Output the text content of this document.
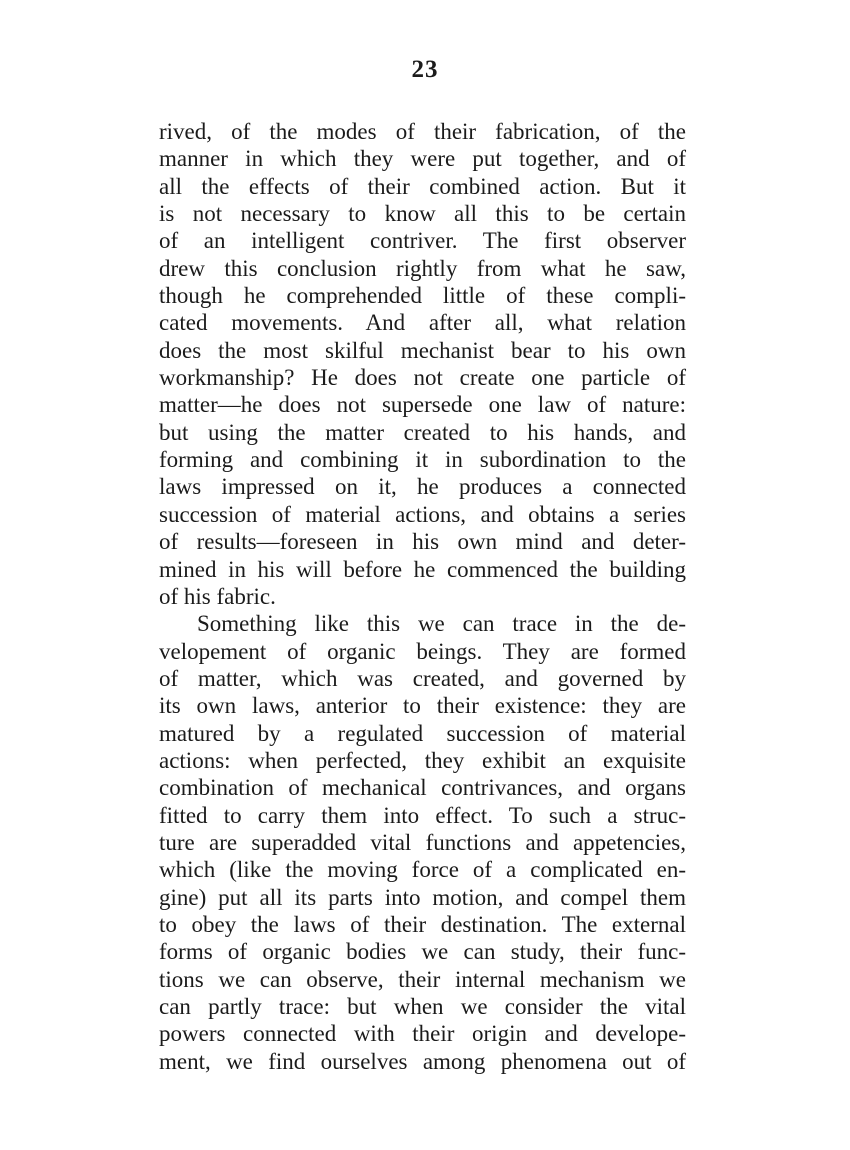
23
rived, of the modes of their fabrication, of the
manner in which they were put together, and of
all the effects of their combined action. But it
is not necessary to know all this to be certain
of an intelligent contriver. The first observer
drew this conclusion rightly from what he saw,
though he comprehended little of these compli-
cated movements. And after all, what relation
does the most skilful mechanist bear to his own
workmanship? He does not create one particle of
matter—he does not supersede one law of nature:
but using the matter created to his hands, and
forming and combining it in subordination to the
laws impressed on it, he produces a connected
succession of material actions, and obtains a series
of results—foreseen in his own mind and deter-
mined in his will before he commenced the building
of his fabric.
Something like this we can trace in the de-
velopement of organic beings. They are formed
of matter, which was created, and governed by
its own laws, anterior to their existence: they are
matured by a regulated succession of material
actions: when perfected, they exhibit an exquisite
combination of mechanical contrivances, and organs
fitted to carry them into effect. To such a struc-
ture are superadded vital functions and appetencies,
which (like the moving force of a complicated en-
gine) put all its parts into motion, and compel them
to obey the laws of their destination. The external
forms of organic bodies we can study, their func-
tions we can observe, their internal mechanism we
can partly trace: but when we consider the vital
powers connected with their origin and develope-
ment, we find ourselves among phenomena out of
